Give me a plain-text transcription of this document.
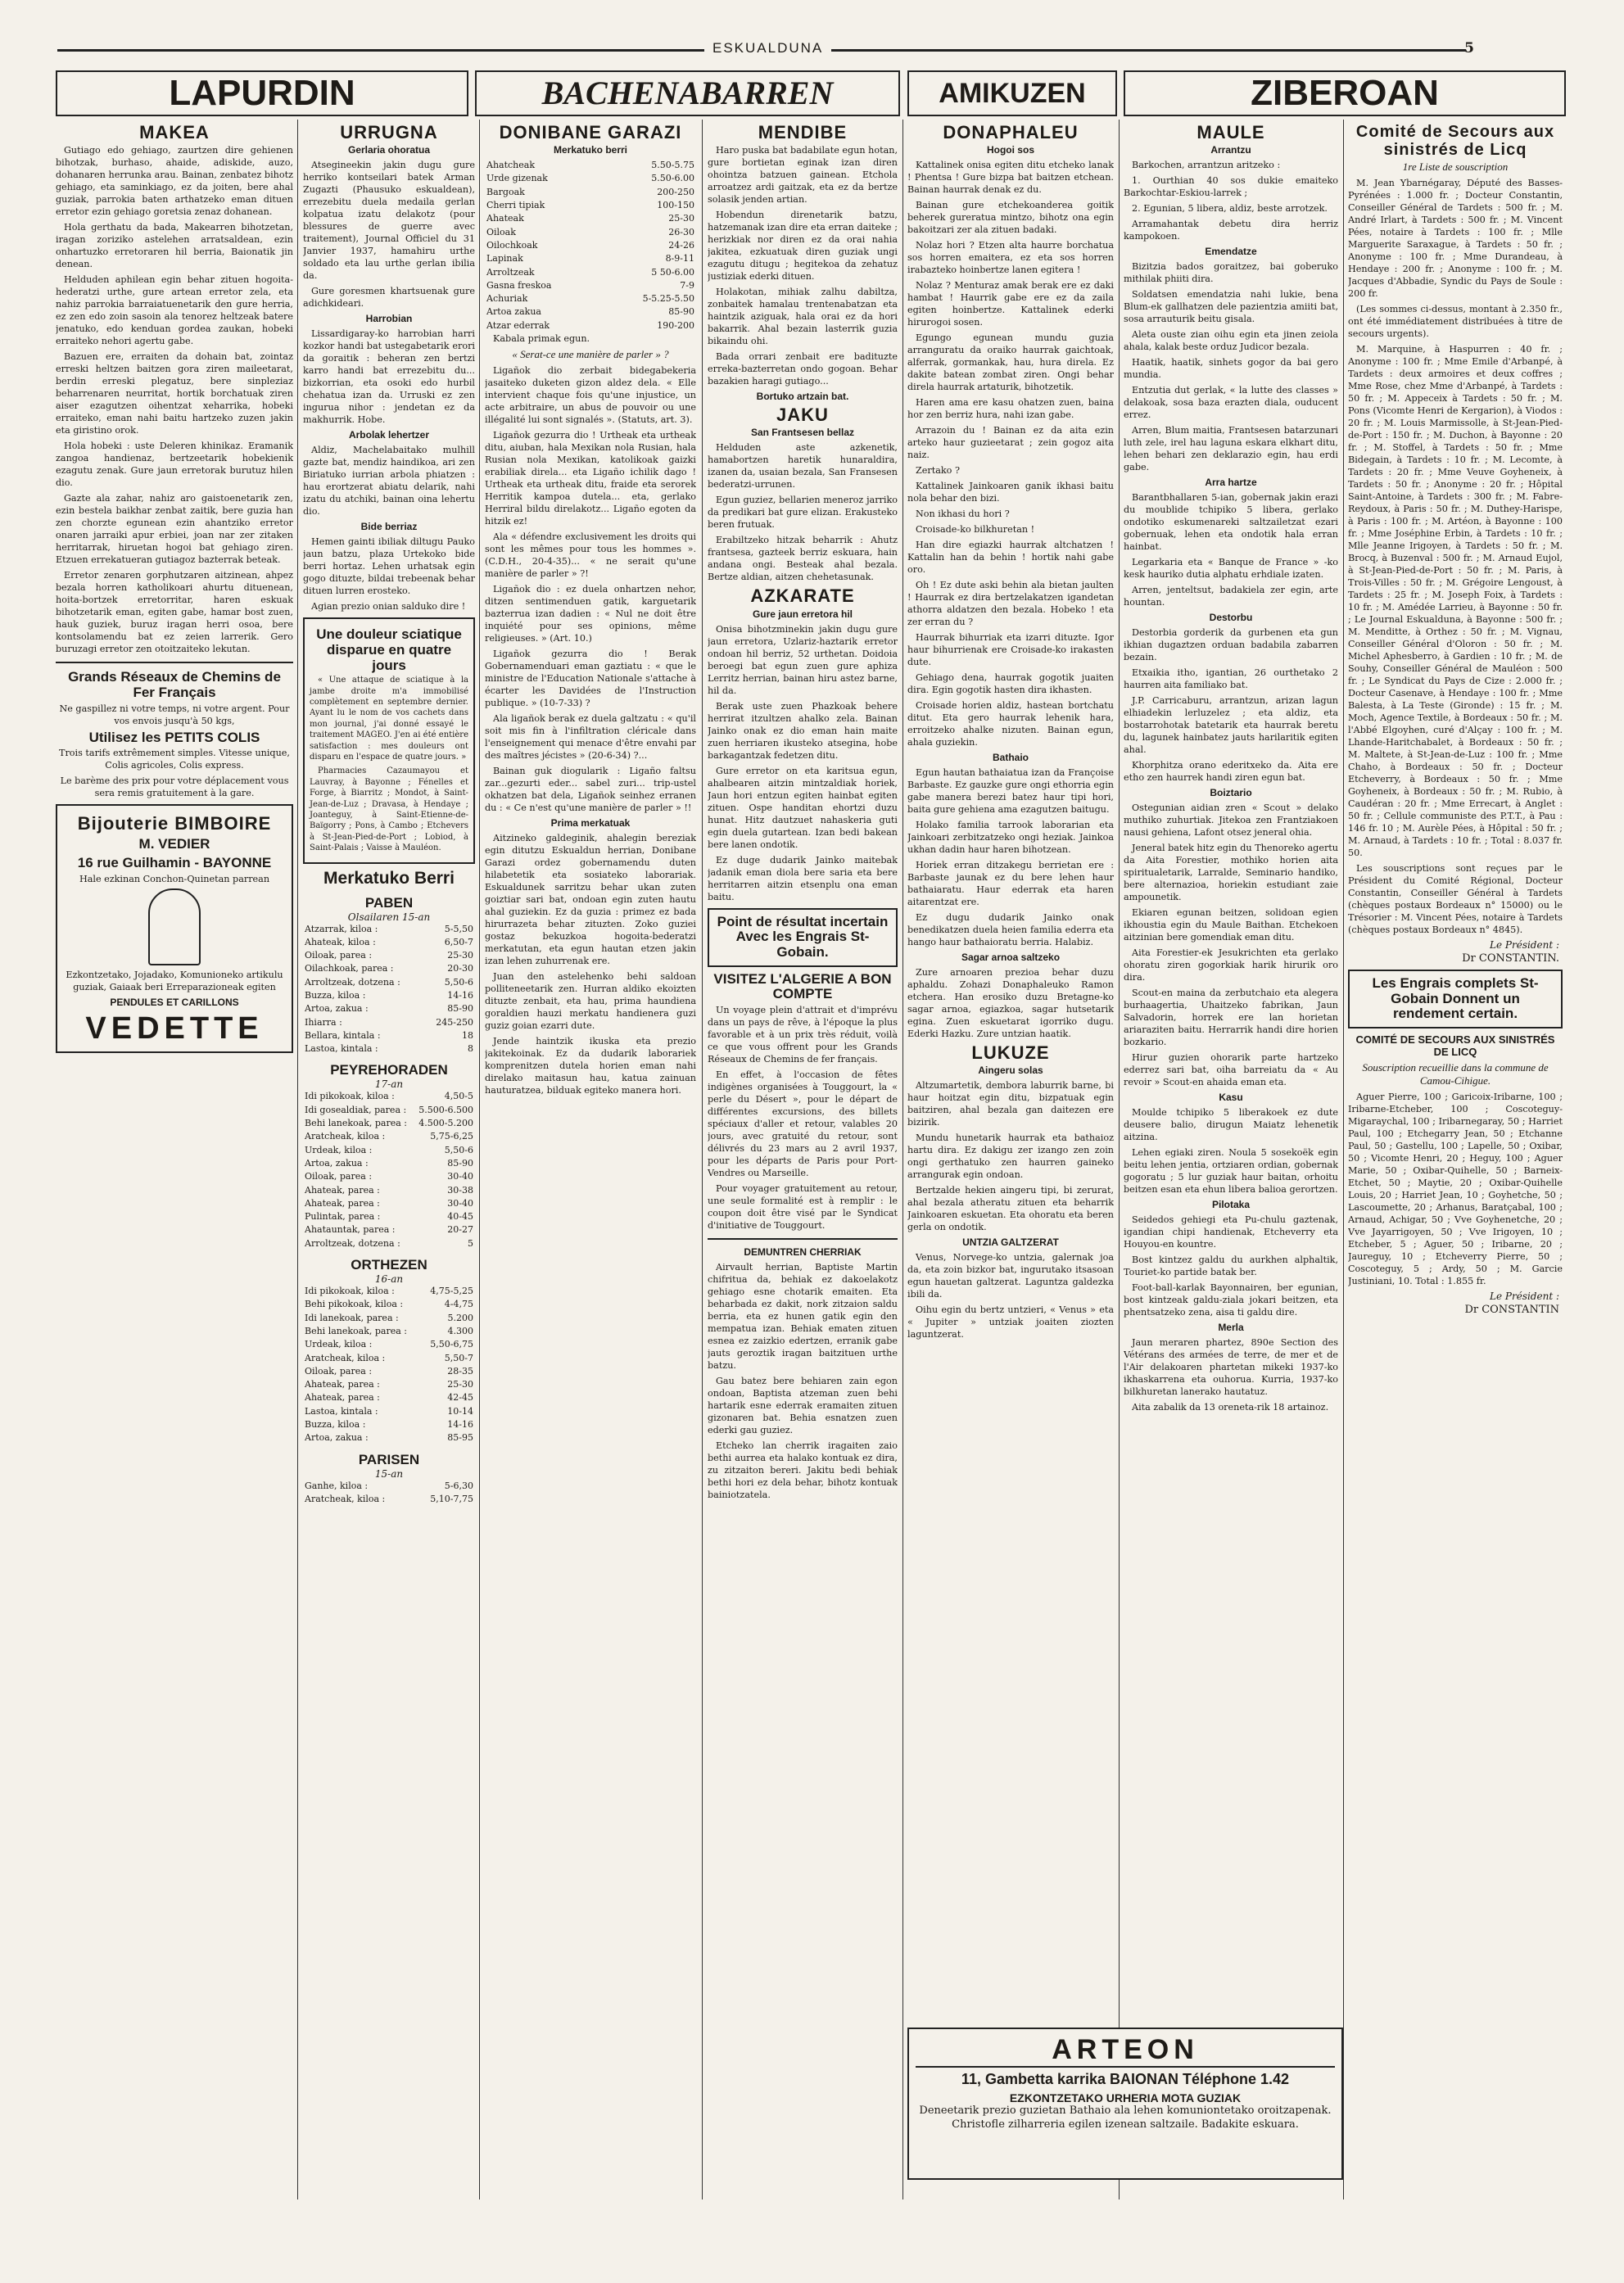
ESKUALDUNA	5
LAPURDIN	BACHENABARREN	AMIKUZEN	ZIBEROAN
MAKEA

Gutiago edo gehiago, zaurtzen dire gehienen bihotzak, burhaso, ahaide, adiskide, auzo, dohanaren herrunka arau. Bainan, zenbatez bihotz gehiago, eta saminkiago, ez da joiten, bere ahal guziak, parrokia baten arthatzeko eman dituen erretor ezin gehiago goretsia zenaz dohanean.

Hola gerthatu da bada, Makearren bihotzetan, iragan zoriziko astelehen arratsaldean, ezin onhartuzko erretoraren hil berria, Baionatik jin denean.

Helduden aphilean egin behar zituen hogoita-hederatzi urthe, gure artean erretor zela, eta nahiz parrokia barraiatuenetarik den gure herria, ez zen edo zoin sasoin ala tenorez heltzeak batere jenatuko, edo kenduan gordea zaukan, hobeki erraiteko nehori agertu gabe.

Bazuen ere, erraiten da dohain bat, zointaz erreski heltzen baitzen gora ziren maileetarat, berdin erreski plegatuz, bere sinpleziaz beharrenaren neurritat, hortik borchatuak ziren aiser ezagutzen oihentzat xeharrika, hobeki erraiteko, eman nahi baitu hartzeko zuzen jakin eta giristino orok.

Hola hobeki : uste Deleren khinikaz. Eramanik zangoa handienaz, bertzeetarik hobekienik ezagutu zenak. Gure jaun erretorak burutuz hilen dio.

Gazte ala zahar, nahiz aro gaistoenetarik zen, ezin bestela baikhar zenbat zaitik, bere guzia han zen chorzte egunean ezin ahantziko erretor onaren jarraiki apur erbiei, joan nar zer zitaken herritarrak, hiruetan hogoi bat gehiago ziren. Etzuen errekatueran gutiagoz bazterrak beteak.

Erretor zenaren gorphutzaren aitzinean, ahpez bezala horren katholikoari ahurtu dituenean, hoita-bortzek erretorritar, haren eskuak bihotzetarik eman, egiten gabe, hamar bost zuen, hauk guziek, buruz iragan herri osoa, bere kontsolamendu bat ez zeien larrerik. Gero buruzagi erretor zen otoitzaiteko lekutan.

Grands Réseaux de Chemins de Fer Français

Ne gaspillez ni votre temps, ni votre argent. Pour vos envois jusqu'à 50 kgs,

Utilisez les PETITS COLIS

Trois tarifs extrêmement simples. Vitesse unique, Colis agricoles, Colis express.

Le barème des prix pour votre déplacement vous sera remis gratuitement à la gare.

Bijouterie BIMBOIRE
M. VEDIER
16 rue Guilhamin - BAYONNE

Hale ezkinan Conchon-Quinetan parrean

Ezkontzetako, Jojadako, Komunioneko artikulu guziak, Gaiaak beri Erreparazioneak egiten

PENDULES ET CARILLONS
VEDETTE
URRUGNA
Gerlaria ohoratua

Atsegineekin jakin dugu gure herriko kontseilari batek Arman Zugazti (Phausuko eskualdean), errezebitu duela medaila gerlan kolpatua izatu delakotz (pour blessures de guerre avec traitement), Journal Officiel du 31 Janvier 1937, hamahiru urthe soldado eta lau urthe gerlan ibilia da.

Gure goresmen khartsuenak gure adichkideari.

Harrobian

Lissardigaray-ko harrobian harri kozkor handi bat ustegabetarik erori da goraitik : beheran zen bertzi karro handi bat errezebitu du... bizkorrian, eta osoki edo hurbil chehatua izan da. Urruski ez zen ingurua nihor : jendetan ez da makhurrik. Hobe.

Arbolak lehertzer

Aldiz, Machelabaitako mulhill gazte bat, mendiz haindikoa, ari zen Biriatuko iurrian arbola phiatzen : hau erortzerat abiatu delarik, nahi izatu du atchiki, bainan oina lehertu dio.

Bide berriaz

Hemen gainti ibiliak diltugu Pauko jaun batzu, plaza Urtekoko bide berri hortaz. Lehen urhatsak egin gogo dituzte, bildai trebeenak behar dituen lurren erosteko.

Agian prezio onian salduko dire !

Une douleur sciatique disparue en quatre jours

« Une attaque de sciatique à la jambe droite m'a immobilisé complètement en septembre dernier. Ayant lu le nom de vos cachets dans mon journal, j'ai donné essayé le traitement MAGEO. J'en ai été entière satisfaction : mes douleurs ont disparu en l'espace de quatre jours. »

Pharmacies Cazaumayou et Lauvray, à Bayonne ; Fénelles et Forge, à Biarritz ; Mondot, à Saint-Jean-de-Luz ; Dravasa, à Hendaye ; Joanteguy, à Saint-Etienne-de-Baïgorry ; Pons, à Cambo ; Etchevers à St-Jean-Pied-de-Port ; Lobiod, à Saint-Palais ; Vaisse à Mauléon.

Merkatuko Berri
PABEN
Olsailaren 15-an
Atzarrak, kiloa :	5-5,50
Ahateak, kiloa :	6,50-7
Oiloak, parea :	25-30
Oilachkoak, parea :	20-30
Arroltzeak, dotzena :	5,50-6
Buzza, kiloa :	14-16
Artoa, zakua :	85-90
Ihiarra :	245-250
Bellara, kintala :	18
Lastoa, kintala :	8
PEYREHORADEN
17-an
Idi pikokoak, kiloa :	4,50-5
Idi gosealdiak, parea :	5.500-6.500
Behi lanekoak, parea :	4.500-5.200
Aratcheak, kiloa :	5,75-6,25
Urdeak, kiloa :	5,50-6
Artoa, zakua :	85-90
Oiloak, parea :	30-40
Ahateak, parea :	30-38
Ahateak, parea :	30-40
Pulintak, parea :	40-45
Ahatauntak, parea :	20-27
Arroltzeak, dotzena :	5
ORTHEZEN
16-an
Idi pikokoak, kiloa :	4,75-5,25
Behi pikokoak, kiloa :	4-4,75
Idi lanekoak, parea :	5.200
Behi lanekoak, parea :	4.300
Urdeak, kiloa :	5,50-6,75
Aratcheak, kiloa :	5,50-7
Oiloak, parea :	28-35
Ahateak, parea :	25-30
Ahateak, parea :	42-45
Lastoa, kintala :	10-14
Buzza, kiloa :	14-16
Artoa, zakua :	85-95
PARISEN
15-an
Ganhe, kiloa :	5-6,30
Aratcheak, kiloa :	5,10-7,75
DONIBANE GARAZI
Merkatuko berri
Ahatcheak	5.50-5.75
Urde gizenak	5.50-6.00
Bargoak	200-250
Cherri tipiak	100-150
Ahateak	25-30
Oiloak	26-30
Oilochkoak	24-26
Lapinak	8-9-11
Arroltzeak	5 50-6.00
Gasna freskoa	7-9
Achuriak	5-5.25-5.50
Artoa zakua	85-90
Atzar ederrak	190-200

Kabala primak egun.

« Serat-ce une manière de parler » ?

Ligañok dio zerbait bidegabekeria jasaiteko duketen gizon aldez dela. « Elle intervient chaque fois qu'une injustice, un acte arbitraire, un abus de pouvoir ou une illégalité lui sont signalés ». (Statuts, art. 3).

Ligañok gezurra dio ! Urtheak eta urtheak ditu, aiuban, hala Mexikan nola Rusian, hala Rusian nola Mexikan, katolikoak gaizki erabiliak direla... eta Ligaño ichilik dago ! Urtheak eta urtheak ditu, fraide eta serorek Herritik kampoa dutela... eta, gerlako Herriral bildu direlakotz... Ligaño egoten da hitzik ez!

Ala « défendre exclusivement les droits qui sont les mêmes pour tous les hommes ». (C.D.H., 20-4-35)... « ne serait qu'une manière de parler » ?!

Ligañok dio : ez duela onhartzen nehor, ditzen sentimenduen gatik, karguetarik bazterrua izan dadien : « Nul ne doit être inquiété pour ses opinions, même religieuses. » (Art. 10.)

Ligañok gezurra dio ! Berak Gobernamenduari eman gaztiatu : « que le ministre de l'Education Nationale s'attache à écarter les Davidées de l'Instruction publique. » (10-7-33) ?

Ala ligañok berak ez duela galtzatu : « qu'il soit mis fin à l'infiltration cléricale dans l'enseignement qui menace d'être envahi par des maîtres jécistes » (20-6-34) ?...

Bainan guk diogularik : Ligaño faltsu zar...gezurti eder... sabel zuri... trip-ustel okhatzen bat dela, Ligañok seinhez erranen du : « Ce n'est qu'une manière de parler » !!

Prima merkatuak

Aitzineko galdeginik, ahalegin bereziak egin ditutzu Eskualdun herrian, Donibane Garazi ordez gobernamendu duten hilabetetik eta sosiateko laborariak. Eskualdunek sarritzu behar ukan zuten goiztiar sari bat, ondoan egin zuten hautu ahal guziekin. Ez da guzia : primez ez bada hirurrazeta behar zituzten. Zoko guziei gostaz bekuzkoa hogoita-bederatzi merkatutan, eta egun hautan etzen jakin izan lehen zuhurrenak ere.

Juan den astelehenko behi saldoan polliteneetarik zen. Hurran aldiko ekoizten dituzte zenbait, eta hau, prima haundiena goraldien hauzi merkatu handienera guzi guziz goian ezarri dute.

Jende haintzik ikuska eta prezio jakitekoinak. Ez da dudarik laborariek komprenitzen dutela horien eman nahi direlako maitasun hau, katua zainuan hauturatzea, bilduak egiteko manera hori.

MENDIBE

Haro puska bat badabilate egun hotan, gure bortietan eginak izan diren ohointza batzuen gainean. Etchola arroatzez ardi gaitzak, eta ez da bertze solasik jenden artian.

Hobendun direnetarik batzu, hatzemanak izan dire eta erran daiteke ; herizkiak nor diren ez da orai nahia jakitea, ezkuatuak diren guziak ungi ezagutu ditugu ; hegitekoa da zehatuz justiziak ederki dituen.

Holakotan, mihiak zalhu dabiltza, zonbaitek hamalau trentenabatzan eta haintzik aziguak, hala orai ez da hori bakarrik. Ahal bezain lasterrik guzia bikaindu ohi.

Bada orrari zenbait ere badituzte erreka-bazterretan ondo gogoan. Behar bazakien haragi gutiago...

Bortuko artzain bat.
JAKU
San Frantsesen bellaz

Helduden aste azkenetik, hamabortzen haretik hunaraldira, izanen da, usaian bezala, San Fransesen bederatzi-urrunen.

Egun guziez, bellarien meneroz jarriko da predikari bat gure elizan. Erakusteko beren frutuak.

Erabiltzeko hitzak beharrik : Ahutz frantsesa, gazteek berriz eskuara, hain andana ongi. Besteak ahal bezala. Bertze aldian, aitzen chehetasunak.

AZKARATE
Gure jaun erretora hil

Onisa bihotzminekin jakin dugu gure jaun erretora, Uzlariz-haztarik erretor ondoan hil berriz, 52 urthetan. Doidoia beroegi bat egun zuen gure aphiza Lerritz herrian, bainan hiru astez barne, hil da.

Berak uste zuen Phazkoak behere herrirat itzultzen ahalko zela. Bainan Jainko onak ez dio eman hain maite zuen herriaren ikusteko atsegina, hobe barkagantzak fedetzen ditu.

Gure erretor on eta karitsua egun, ahalbearen aitzin mintzaldiak horiek, Jaun hori entzun egiten hainbat egiten zituen. Ospe handitan ehortzi duzu hunat. Hitz dautzuet nahaskeria guti egin duela gutartean. Izan bedi bakean bere lanen ondotik.

Ez duge dudarik Jainko maitebak jadanik eman diola bere saria eta bere herritarren aitzin etsenplu ona eman baitu.

Point de résultat incertain Avec les Engrais St-Gobain.
VISITEZ L'ALGERIE A BON COMPTE

Un voyage plein d'attrait et d'imprévu dans un pays de rêve, à l'époque la plus favorable et à un prix très réduit, voilà ce que vous offrent pour les Grands Réseaux de Chemins de fer français.

En effet, à l'occasion de fêtes indigènes organisées à Touggourt, la « perle du Désert », pour le départ de différentes excursions, des billets spéciaux d'aller et retour, valables 20 jours, avec gratuité du retour, sont délivrés du 23 mars au 2 avril 1937, pour les départs de Paris pour Port-Vendres ou Marseille.

Pour voyager gratuitement au retour, une seule formalité est à remplir : le coupon doit être visé par le Syndicat d'initiative de Touggourt.

DEMUNTREN CHERRIAK

Airvault herrian, Baptiste Martin chifritua da, behiak ez dakoelakotz gehiago esne chotarik emaiten. Eta beharbada ez dakit, nork zitzaion saldu berria, eta ez hunen gatik egin den mempatua izan. Behiak ematen zituen esnea ez zaizkio edertzen, erranik gabe jauts geroztik iragan baitzituen urthe batzu.

Gau batez bere behiaren zain egon ondoan, Baptista atzeman zuen behi hartarik esne ederrak eramaiten zituen gizonaren bat. Behia esnatzen zuen ederki gau guziez.

Etcheko lan cherrik iragaiten zaio bethi aurrea eta halako kontuak ez dira, zu zitzaiton bereri. Jakitu bedi behiak bethi hori ez dela behar, bihotz kontuak bainiotzatela.

DONAPHALEU
Hogoi sos

Kattalinek onisa egiten ditu etcheko lanak ! Phentsa ! Gure bizpa bat baitzen etchean. Bainan haurrak denak ez du.

Bainan gure etchekoanderea goitik beherek gureratua mintzo, bihotz ona egin bakoitzari zer ala zituen badaki.

Nolaz hori ? Etzen alta haurre borchatua sos horren emaitera, ez eta sos horren irabazteko hoinbertze lanen egitera !

Nolaz ? Menturaz amak berak ere ez daki hambat ! Haurrik gabe ere ez da zaila egiten hoinbertze. Kattalinek ederki hirurogoi sosen.

Egungo egunean mundu guzia arranguratu da oraiko haurrak gaichtoak, alferrak, gormankak, hau, hura direla. Ez dakite batean zombat ziren. Ongi behar direla haurrak artaturik, bihotzetik.

Haren ama ere kasu ohatzen zuen, baina hor zen berriz hura, nahi izan gabe.

Arrazoin du ! Bainan ez da aita ezin arteko haur guzieetarat ; zein gogoz aita naiz.

Zertako ?

Kattalinek Jainkoaren ganik ikhasi baitu nola behar den bizi.

Non ikhasi du hori ?

Croisade-ko bilkhuretan !

Han dire egiazki haurrak altchatzen ! Kattalin han da behin ! hortik nahi gabe oro.

Oh ! Ez dute aski behin ala bietan jaulten ! Haurrak ez dira bertzelakatzen igandetan athorra aldatzen den bezala. Hobeko ! eta zer erran du ?

Haurrak bihurriak eta izarri dituzte. Igor haur bihurrienak ere Croisade-ko irakasten dute.

Gehiago dena, haurrak gogotik juaiten dira. Egin gogotik hasten dira ikhasten.

Croisade horien aldiz, hastean bortchatu ditut. Eta gero haurrak lehenik hara, erroitzeko ahalke nizuten. Bainan egun, ahala guziekin.

Bathaio

Egun hautan bathaiatua izan da Françoise Barbaste. Ez gauzke gure ongi ethorria egin gabe manera berezi batez haur tipi hori, baita gure gehiena ama ezagutzen baitugu.

Holako familia tarrook laborarian eta Jainkoari zerbitzatzeko ongi heziak. Jainkoa ukhan dadin haur haren bihotzean.

Horiek erran ditzakegu berrietan ere : Barbaste jaunak ez du bere lehen haur bathaiaratu. Haur ederrak eta haren aitarentzat ere.

Ez dugu dudarik Jainko onak benedikatzen duela heien familia ederra eta hango haur bathaioratu berria. Halabiz.

Sagar arnoa saltzeko

Zure arnoaren prezioa behar duzu aphaldu. Zohazi Donaphaleuko Ramon etchera. Han erosiko duzu Bretagne-ko sagar arnoa, egiazkoa, sagar hutsetarik egina. Zuen eskuetarat igorriko dugu. Ederki Hazku. Zure untzian haatik.

LUKUZE
Aingeru solas

Altzumartetik, dembora laburrik barne, bi haur hoitzat egin ditu, bizpatuak egin baitziren, ahal bezala gan daitezen ere bizirik.

Mundu hunetarik haurrak eta bathaioz hartu dira. Ez dakigu zer izango zen zoin ongi gerthatuko zen haurren gaineko arrangurak egin ondoan.

Bertzalde hekien aingeru tipi, bi zerurat, ahal bezala atheratu zituen eta beharrik Jainkoaren eskuetan. Eta ohoratu eta beren gerla on ondotik.

UNTZIA GALTZERAT

Venus, Norvege-ko untzia, galernak joa da, eta zoin bizkor bat, ingurutako itsasoan egun hauetan galtzerat. Laguntza galdezka ibili da.

Oihu egin du bertz untzieri, « Venus » eta « Jupiter » untziak joaiten ziozten laguntzerat.

MAULE
Arrantzu

Barkochen, arrantzun aritzeko :

1. Ourthian 40 sos dukie emaiteko Barkochtar-Eskiou-larrek ;

2. Egunian, 5 libera, aldiz, beste arrotzek.

Arramahantak debetu dira herriz kampokoen.

Emendatze

Bizitzia bados goraitzez, bai goberuko mithilak phiiti dira.

Soldatsen emendatzia nahi lukie, bena Blum-ek gallhatzen dele pazientzia amiiti bat, sosa arrauturik beitu gisala.

Aleta ouste zian oihu egin eta jinen zeiola ahala, kalak beste orduz Judicor bezala.

Haatik, haatik, sinhets gogor da bai gero mundia.

Entzutia dut gerlak, « la lutte des classes » delakoak, sosa baza erazten diala, ouducent errez.

Arren, Blum maitia, Frantsesen batarzunari luth zele, irel hau laguna eskara elkhart ditu, lehen behari zen deklarazio egin, hau erdi gabe.

Arra hartze

Barantbhallaren 5-ian, gobernak jakin erazi du moublide tchipiko 5 libera, gerlako ondotiko eskumenareki saltzailetzat ezari gobernuak, lehen eta ondotik hala erran hainbat.

Legarkaria eta « Banque de France » -ko kesk hauriko dutia alphatu erhdiale izaten.

Arren, jenteltsut, badakiela zer egin, arte hountan.

Destorbu

Destorbia gorderik da gurbenen eta gun ikhian dugaztzen orduan badabila zabarren bezain.

Etxaikia itho, igantian, 26 ourthetako 2 haurren aita familiako bat.

J.P. Carricaburu, arrantzun, arizan lagun elhiadekin lerluzelez ; eta aldiz, eta bostarrohotak batetarik eta haurrak beretu du, lagunek hainbatez jauts harilaritik egiten ahal.

Khorphitza orano ederitxeko da. Aita ere etho zen haurrek handi ziren egun bat.

Boiztario

Ostegunian aidian zren « Scout » delako muthiko zuhurtiak. Jitekoa zen Frantziakoen nausi gehiena, Lafont otsez jeneral ohia.

Jeneral batek hitz egin du Thenoreko agertu da Aita Forestier, mothiko horien aita spiritualetarik, Larralde, Seminario handiko, bere alternazioa, horiekin estudiant zaie ampounetik.

Ekiaren egunan beitzen, solidoan egien ikhoustia egin du Maule Baithan. Etchekoen aitzinian bere gomendiak eman ditu.

Aita Forestier-ek Jesukrichten eta gerlako ohoratu ziren gogorkiak harik hirurik oro dira.

Scout-en maina da zerbutchaio eta alegera burhaagertia, Uhaitzeko fabrikan, Jaun Salvadorin, horrek ere lan horietan ariaraziten baitu. Herrarrik handi dire horien bozkario.

Hirur guzien ohorarik parte hartzeko ederrez sari bat, oiha barreiatu da « Au revoir » Scout-en ahaida eman eta.

Kasu

Moulde tchipiko 5 liberakoek ez dute deusere balio, dirugun Maiatz lehenetik aitzina.

Lehen egiaki ziren. Noula 5 sosekoëk egin beitu lehen jentia, ortziaren ordian, gobernak gogoratu ; 5 lur guziak haur baitan, orhoitu beitzen esan eta ehun libera balioa gerortzen.

Pilotaka

Seidedos gehiegi eta Pu-chulu gaztenak, igandian chipi handienak, Etcheverry eta Houyou-en kountre.

Bost kintzez galdu du aurkhen alphaltik, Touriet-ko partide batak ber.

Foot-ball-karlak Bayonnairen, ber egunian, bost kintzeak galdu-ziala jokari beitzen, eta phentsatzeko zena, aisa ti galdu dire.

Merla

Jaun meraren phartez, 890e Section des Vétérans des armées de terre, de mer et de l'Air delakoaren phartetan mikeki 1937-ko ikhaskarrena eta ouhorua. Kurria, 1937-ko bilkhuretan lanerako hautatuz.

Aita zabalik da 13 oreneta-rik 18 artainoz.

ARTEON
11, Gambetta karrika BAIONAN Téléphone 1.42
EZKONTZETAKO URHERIA MOTA GUZIAK
Deneetarik prezio guzietan Bathaio ala lehen komuniontetako oroitzapenak. Christofle zilharreria egilen izenean saltzaile. Badakite eskuara.
Comité de Secours aux sinistrés de Licq
1re Liste de souscription

M. Jean Ybarnégaray, Député des Basses-Pyrénées : 1.000 fr. ; Docteur Constantin, Conseiller Général de Tardets : 500 fr. ; M. André Irlart, à Tardets : 500 fr. ; M. Vincent Pées, notaire à Tardets : 100 fr. ; Mlle Marguerite Saraxague, à Tardets : 50 fr. ; Anonyme : 100 fr. ; Mme Durandeau, à Hendaye : 200 fr. ; Anonyme : 100 fr. ; M. Jacques d'Abbadie, Syndic du Pays de Soule : 200 fr.

(Les sommes ci-dessus, montant à 2.350 fr., ont été immédiatement distribuées à titre de secours urgents).

M. Marquine, à Haspurren : 40 fr. ; Anonyme : 100 fr. ; Mme Emile d'Arbanpé, à Tardets : deux armoires et deux coffres ; Mme Rose, chez Mme d'Arbanpé, à Tardets : 50 fr. ; M. Appeceix à Tardets : 50 fr. ; M. Pons (Vicomte Henri de Kergarion), à Viodos : 20 fr. ; M. Louis Marmissolle, à St-Jean-Pied-de-Port : 150 fr. ; M. Duchon, à Bayonne : 20 fr. ; M. Stoffel, à Tardets : 50 fr. ; Mme Bidegain, à Tardets : 10 fr. ; M. Lecomte, à Tardets : 20 fr. ; Mme Veuve Goyheneix, à Tardets : 50 fr. ; Anonyme : 20 fr. ; Hôpital Saint-Antoine, à Tardets : 300 fr. ; M. Fabre-Reydoux, à Paris : 50 fr. ; M. Duthey-Harispe, à Paris : 100 fr. ; M. Artéon, à Bayonne : 100 fr. ; Mme Joséphine Erbin, à Tardets : 10 fr. ; Mlle Jeanne Irigoyen, à Tardets : 50 fr. ; M. Brocq, à Buzenval : 500 fr. ; M. Arnaud Eujol, à St-Jean-Pied-de-Port : 50 fr. ; M. Paris, à Trois-Villes : 50 fr. ; M. Grégoire Lengoust, à Tardets : 25 fr. ; M. Joseph Foix, à Tardets : 10 fr. ; M. Amédée Larrieu, à Bayonne : 50 fr. ; Le Journal Eskualduna, à Bayonne : 500 fr. ; M. Menditte, à Orthez : 50 fr. ; M. Vignau, Conseiller Général d'Oloron : 50 fr. ; M. Michel Aphesberro, à Gardien : 10 fr. ; M. de Souhy, Conseiller Général de Mauléon : 500 fr. ; Le Syndicat du Pays de Cize : 2.000 fr. ; Docteur Casenave, à Hendaye : 100 fr. ; Mme Balesta, à La Teste (Gironde) : 15 fr. ; M. Moch, Agence Textile, à Bordeaux : 50 fr. ; M. l'Abbé Elgoyhen, curé d'Alçay : 100 fr. ; M. Lhande-Haritchabalet, à Bordeaux : 50 fr. ; M. Maltete, à St-Jean-de-Luz : 100 fr. ; Mme Chaho, à Bordeaux : 50 fr. ; Docteur Etcheverry, à Bordeaux : 50 fr. ; Mme Goyheneix, à Bordeaux : 50 fr. ; M. Rubio, à Caudéran : 20 fr. ; Mme Errecart, à Anglet : 50 fr. ; Cellule communiste des P.T.T., à Pau : 146 fr. 10 ; M. Aurèle Pées, à Hôpital : 50 fr. ; M. Arnaud, à Tardets : 10 fr. ; Total : 8.037 fr. 50.

Les souscriptions sont reçues par le Président du Comité Régional, Docteur Constantin, Conseiller Général à Tardets (chèques postaux Bordeaux n° 15000) ou le Trésorier : M. Vincent Pées, notaire à Tardets (chèques postaux Bordeaux n° 4845).

Le Président :
Dr CONSTANTIN.
Les Engrais complets St-Gobain Donnent un rendement certain.
COMITÉ DE SECOURS AUX SINISTRÉS DE LICQ
Souscription recueillie dans la commune de Camou-Cihigue.

Aguer Pierre, 100 ; Garicoix-Iribarne, 100 ; Iribarne-Etcheber, 100 ; Coscoteguy-Migaraychal, 100 ; Iribarnegaray, 50 ; Harriet Paul, 100 ; Etchegarry Jean, 50 ; Etchanne Paul, 50 ; Gastellu, 100 ; Lapelle, 50 ; Oxibar, 50 ; Vicomte Henri, 20 ; Heguy, 100 ; Aguer Marie, 50 ; Oxibar-Quihelle, 50 ; Barneix-Etchet, 50 ; Maytie, 20 ; Oxibar-Quihelle Louis, 20 ; Harriet Jean, 10 ; Goyhetche, 50 ; Lascoumette, 20 ; Arhanus, Baratçabal, 100 ; Arnaud, Achigar, 50 ; Vve Goyhenetche, 20 ; Vve Jayarrigoyen, 50 ; Vve Irigoyen, 10 ; Etcheber, 5 ; Aguer, 50 ; Iribarne, 20 ; Jaureguy, 10 ; Etcheverry Pierre, 50 ; Coscoteguy, 5 ; Ardy, 50 ; M. Garcie Justiniani, 10. Total : 1.855 fr.

Le Président :
Dr CONSTANTIN
